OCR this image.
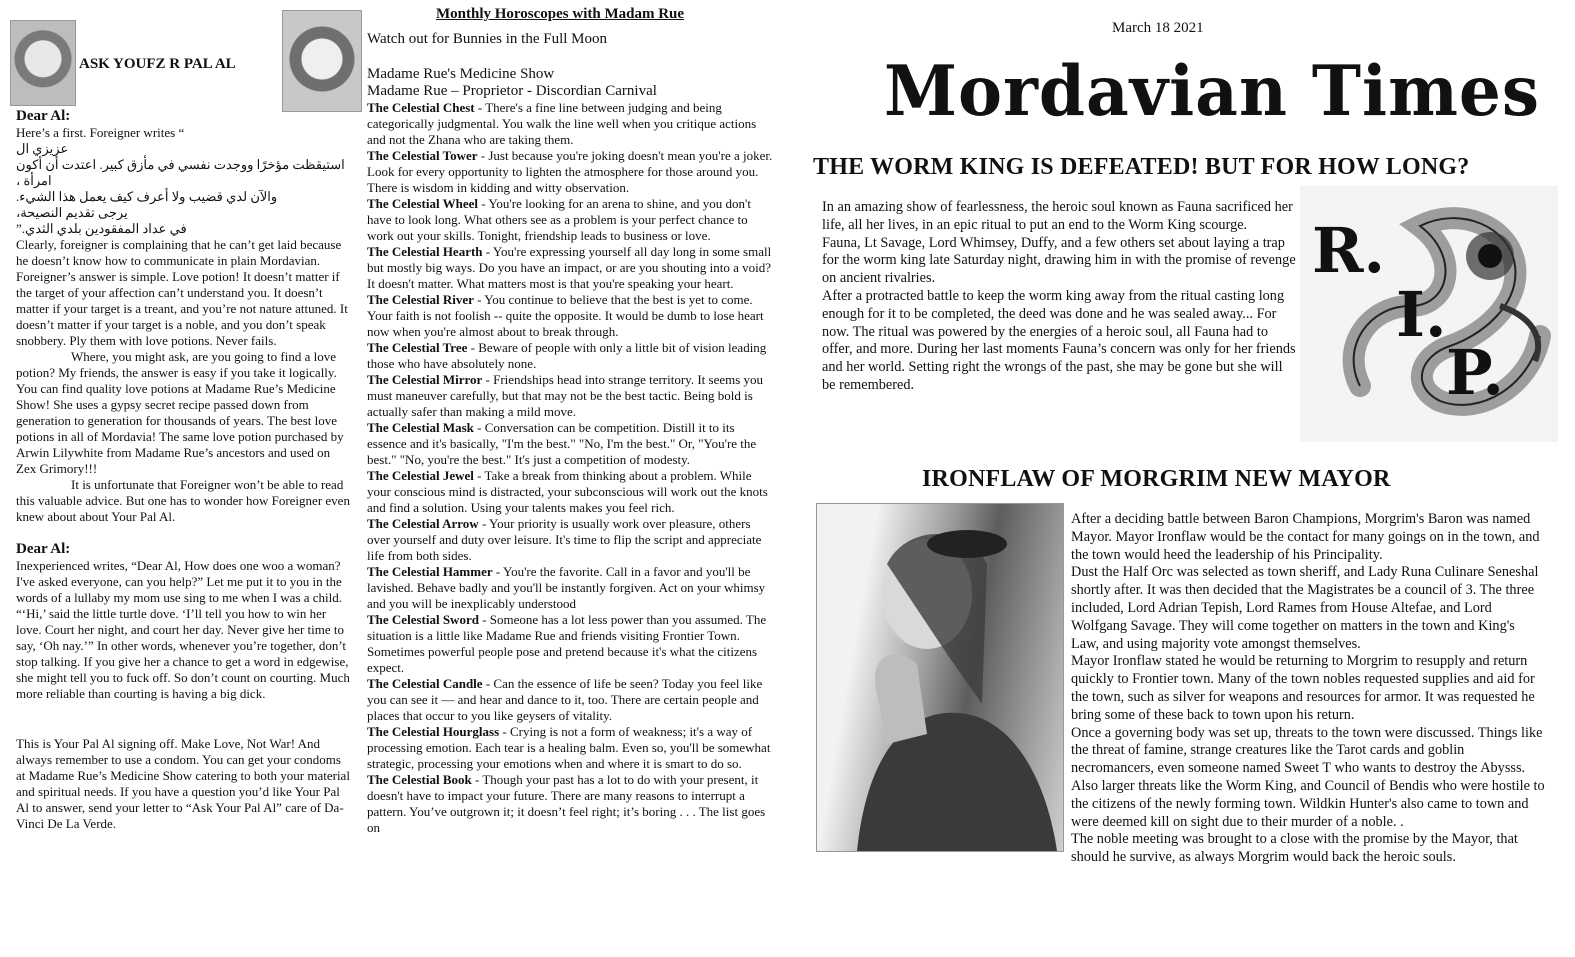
ASK YOUFZ R PAL AL
Dear Al:

Here’s a first. Foreigner writes “

عزيزي ال

استيقظت مؤخرًا ووجدت نفسي في مأزق كبير. اعتدت أن أكون امرأة ،

والآن لدي قضيب ولا أعرف كيف يعمل هذا الشيء.

يرجى تقديم النصيحة،

في عداد المفقودين بلدي الثدي.”

Clearly, foreigner is complaining that he can’t get laid because he doesn’t know how to communicate in plain Mordavian. Foreigner’s answer is simple. Love potion! It doesn’t matter if the target of your affection can’t understand you. It doesn’t matter if your target is a treant, and you’re not nature attuned. It doesn’t matter if your target is a noble, and you don’t speak snobbery. Ply them with love potions. Never fails.

Where, you might ask, are you going to find a love potion? My friends, the answer is easy if you take it logically. You can find quality love potions at Madame Rue’s Medicine Show! She uses a gypsy secret recipe passed down from generation to generation for thousands of years. The best love potions in all of Mordavia! The same love potion purchased by Arwin Lilywhite from Madame Rue’s ancestors and used on Zex Grimory!!!

It is unfortunate that Foreigner won’t be able to read this valuable advice. But one has to wonder how Foreigner even knew about about Your Pal Al.

Dear Al:

Inexperienced writes, “Dear Al, How does one woo a woman? I've asked everyone, can you help?” Let me put it to you in the words of a lullaby my mom use sing to me when I was a child. “‘Hi,’ said the little turtle dove. ‘I’ll tell you how to win her love. Court her night, and court her day. Never give her time to say, ‘Oh nay.’” In other words, whenever you’re together, don’t stop talking. If you give her a chance to get a word in edgewise, she might tell you to fuck off. So don’t count on courting. Much more reliable than courting is having a big dick.

This is Your Pal Al signing off. Make Love, Not War! And always remember to use a condom. You can get your condoms at Madame Rue’s Medicine Show catering to both your material and spiritual needs. If you have a question you’d like Your Pal Al to answer, send your letter to “Ask Your Pal Al” care of Da-Vinci De La Verde.

Monthly Horoscopes with Madam Rue

Watch out for Bunnies in the Full Moon

Madame Rue's Medicine Show

Madame Rue – Proprietor - Discordian Carnival

The Celestial Chest - There's a fine line between judging and being categorically judgmental. You walk the line well when you critique actions and not the Zhana who are taking them.

The Celestial Tower - Just because you're joking doesn't mean you're a joker. Look for every opportunity to lighten the atmosphere for those around you. There is wisdom in kidding and witty observation.

The Celestial Wheel - You're looking for an arena to shine, and you don't have to look long. What others see as a problem is your perfect chance to work out your skills. Tonight, friendship leads to business or love.

The Celestial Hearth - You're expressing yourself all day long in some small but mostly big ways. Do you have an impact, or are you shouting into a void? It doesn't matter. What matters most is that you're speaking your heart.

The Celestial River - You continue to believe that the best is yet to come. Your faith is not foolish -- quite the opposite. It would be dumb to lose heart now when you're almost about to break through.

The Celestial Tree - Beware of people with only a little bit of vision leading those who have absolutely none.

The Celestial Mirror - Friendships head into strange territory. It seems you must maneuver carefully, but that may not be the best tactic. Being bold is actually safer than making a mild move.

The Celestial Mask - Conversation can be competition. Distill it to its essence and it's basically, "I'm the best." "No, I'm the best." Or, "You're the best." "No, you're the best." It's just a competition of modesty.

The Celestial Jewel - Take a break from thinking about a problem. While your conscious mind is distracted, your subconscious will work out the knots and find a solution. Using your talents makes you feel rich.

The Celestial Arrow - Your priority is usually work over pleasure, others over yourself and duty over leisure. It's time to flip the script and appreciate life from both sides.

The Celestial Hammer - You're the favorite. Call in a favor and you'll be lavished. Behave badly and you'll be instantly forgiven. Act on your whimsy and you will be inexplicably understood

The Celestial Sword - Someone has a lot less power than you assumed. The situation is a little like Madame Rue and friends visiting Frontier Town. Sometimes powerful people pose and pretend because it's what the citizens expect.

The Celestial Candle - Can the essence of life be seen? Today you feel like you can see it — and hear and dance to it, too. There are certain people and places that occur to you like geysers of vitality.

The Celestial Hourglass - Crying is not a form of weakness; it's a way of processing emotion. Each tear is a healing balm. Even so, you'll be somewhat strategic, processing your emotions when and where it is smart to do so.

The Celestial Book - Though your past has a lot to do with your present, it doesn't have to impact your future. There are many reasons to interrupt a pattern. You’ve outgrown it; it doesn’t feel right; it’s boring . . . The list goes on

March 18 2021
Mordavian Times
THE WORM KING IS DEFEATED! BUT FOR HOW LONG?

In an amazing show of fearlessness, the heroic soul known as Fauna sacrificed her life, all her lives, in an epic ritual to put an end to the Worm King scourge.

Fauna, Lt Savage, Lord Whimsey, Duffy, and a few others set about laying a trap for the worm king late Saturday night, drawing him in with the promise of revenge on ancient rivalries.

After a protracted battle to keep the worm king away from the ritual casting long enough for it to be completed, the deed was done and he was sealed away... For now. The ritual was powered by the energies of a heroic soul, all Fauna had to offer, and more. During her last moments Fauna’s concern was only for her friends and her world. Setting right the wrongs of the past, she may be gone but she will be remembered.

R.
I.
P.
IRONFLAW OF MORGRIM NEW MAYOR

After a deciding battle between Baron Champions, Morgrim's Baron was named Mayor. Mayor Ironflaw would be the contact for many goings on in the town, and the town would heed the leadership of his Principality.

Dust the Half Orc was selected as town sheriff, and Lady Runa Culinare Seneshal shortly after. It was then decided that the Magistrates be a council of 3. The three included, Lord Adrian Tepish, Lord Rames from House Altefae, and Lord Wolfgang Savage. They will come together on matters in the town and King's Law, and using majority vote amongst themselves.

Mayor Ironflaw stated he would be returning to Morgrim to resupply and return quickly to Frontier town. Many of the town nobles requested supplies and aid for the town, such as silver for weapons and resources for armor. It was requested he bring some of these back to town upon his return.

Once a governing body was set up, threats to the town were discussed. Things like the threat of famine, strange creatures like the Tarot cards and goblin necromancers, even someone named Sweet T who wants to destroy the Abysss. Also larger threats like the Worm King, and Council of Bendis who were hostile to the citizens of the newly forming town. Wildkin Hunter's also came to town and were deemed kill on sight due to their murder of a noble. .

The noble meeting was brought to a close with the promise by the Mayor, that should he survive, as always Morgrim would back the heroic souls.
